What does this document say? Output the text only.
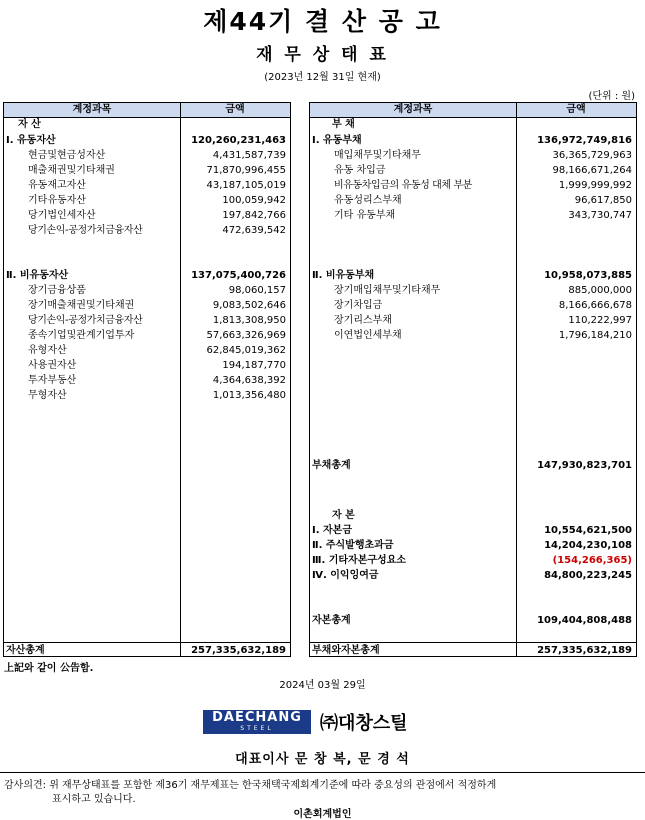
제44기 결 산 공 고
재 무 상 태 표
(2023년 12월 31일 현재)
(단위 : 원)
계정과목	금액
자 산
Ⅰ. 유동자산	120,260,231,463
현금및현금성자산	4,431,587,739
매출채권및기타채권	71,870,996,455
유동재고자산	43,187,105,019
기타유동자산	100,059,942
당기법인세자산	197,842,766
당기손익-공정가치금융자산	472,639,542
Ⅱ. 비유동자산	137,075,400,726
장기금융상품	98,060,157
장기매출채권및기타채권	9,083,502,646
당기손익-공정가치금융자산	1,813,308,950
종속기업및관계기업투자	57,663,326,969
유형자산	62,845,019,362
사용권자산	194,187,770
투자부동산	4,364,638,392
무형자산	1,013,356,480
자산총계	257,335,632,189
계정과목	금액
부 채
Ⅰ. 유동부채	136,972,749,816
매입채무및기타채무	36,365,729,963
유동 차입금	98,166,671,264
비유동차입금의 유동성 대체 부분	1,999,999,992
유동성리스부채	96,617,850
기타 유동부채	343,730,747
Ⅱ. 비유동부채	10,958,073,885
장기매입채무및기타채무	885,000,000
장기차입금	8,166,666,678
장기리스부채	110,222,997
이연법인세부채	1,796,184,210
부채총계	147,930,823,701
자 본
Ⅰ. 자본금	10,554,621,500
Ⅱ. 주식발행초과금	14,204,230,108
Ⅲ. 기타자본구성요소	(154,266,365)
Ⅳ. 이익잉여금	84,800,223,245
자본총계	109,404,808,488
부채와자본총계	257,335,632,189
上記와 같이 公告함.
2024년 03월 29일
DAECHANG
STEEL	㈜대창스틸
대표이사 문 창 복, 문 경 석
감사의견: 위 재무상태표를 포함한 제36기 재무제표는 한국채택국제회계기준에 따라 중요성의 관점에서 적정하게
표시하고 있습니다.
이촌회계법인
